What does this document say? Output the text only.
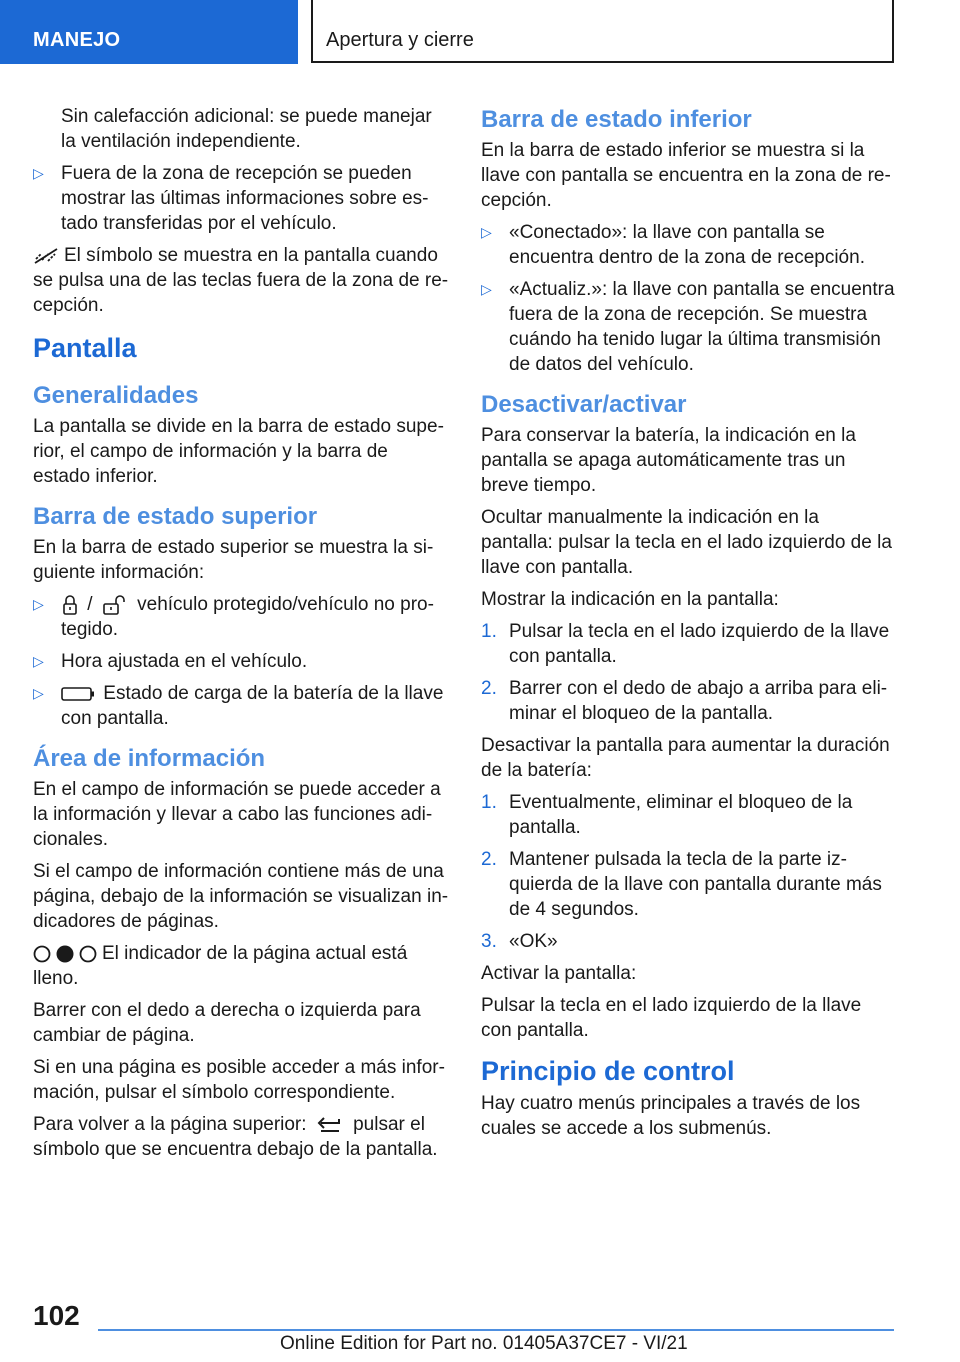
MANEJO	Apertura y cierre

Sin calefacción adicional: se puede manejar la ventilación independiente.

▷ Fuera de la zona de recepción se pueden mostrar las últimas informaciones sobre estado transferidas por el vehículo.

El símbolo se muestra en la pantalla cuando se pulsa una de las teclas fuera de la zona de recepción.

Pantalla
Generalidades

La pantalla se divide en la barra de estado superior, el campo de información y la barra de estado inferior.

Barra de estado superior

En la barra de estado superior se muestra la siguiente información:

▷ / vehículo protegido/vehículo no protegido.
▷ Hora ajustada en el vehículo.
▷	Estado de carga de la batería de la llave con pantalla.
Área de información

En el campo de información se puede acceder a la información y llevar a cabo las funciones adicionales.

Si el campo de información contiene más de una página, debajo de la información se visualizan indicadores de páginas.

El indicador de la página actual está lleno.

Barrer con el dedo a derecha o izquierda para cambiar de página.

Si en una página es posible acceder a más información, pulsar el símbolo correspondiente.

Para volver a la página superior: pulsar el símbolo que se encuentra debajo de la pantalla.

Barra de estado inferior

En la barra de estado inferior se muestra si la llave con pantalla se encuentra en la zona de recepción.

▷ «Conectado»: la llave con pantalla se encuentra dentro de la zona de recepción.
▷ «Actualiz.»: la llave con pantalla se encuentra fuera de la zona de recepción. Se muestra cuándo ha tenido lugar la última transmisión de datos del vehículo.
Desactivar/activar

Para conservar la batería, la indicación en la pantalla se apaga automáticamente tras un breve tiempo.

Ocultar manualmente la indicación en la pantalla: pulsar la tecla en el lado izquierdo de la llave con pantalla.

Mostrar la indicación en la pantalla:

1. Pulsar la tecla en el lado izquierdo de la llave con pantalla.
2. Barrer con el dedo de abajo a arriba para eliminar el bloqueo de la pantalla.

Desactivar la pantalla para aumentar la duración de la batería:

1. Eventualmente, eliminar el bloqueo de la pantalla.
2. Mantener pulsada la tecla de la parte izquierda de la llave con pantalla durante más de 4 segundos.
3. «OK»

Activar la pantalla:

Pulsar la tecla en el lado izquierdo de la llave con pantalla.

Principio de control

Hay cuatro menús principales a través de los cuales se accede a los submenús.

102
Online Edition for Part no. 01405A37CE7 - VI/21
